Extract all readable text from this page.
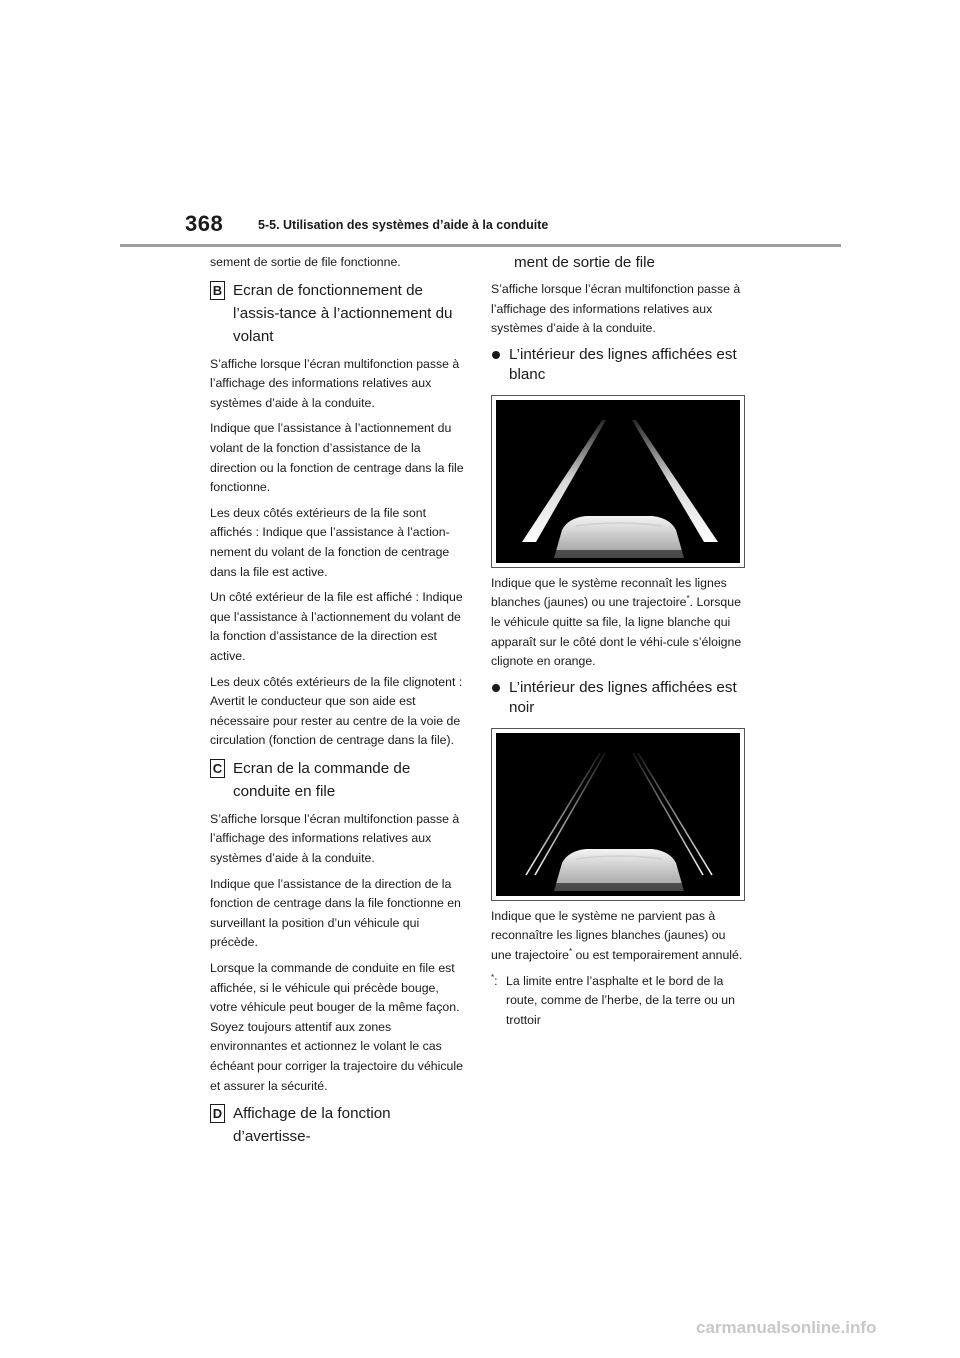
368	5-5. Utilisation des systèmes d’aide à la conduite

sement de sortie de file fonctionne.

B Ecran de fonctionnement de l’assis-tance à l’actionnement du volant

S’affiche lorsque l’écran multifonction passe à l’affichage des informations relatives aux systèmes d’aide à la conduite.

Indique que l’assistance à l’actionnement du volant de la fonction d’assistance de la direction ou la fonction de centrage dans la file fonctionne.

Les deux côtés extérieurs de la file sont affichés : Indique que l’assistance à l’action-nement du volant de la fonction de centrage dans la file est active.

Un côté extérieur de la file est affiché : Indique que l’assistance à l’actionnement du volant de la fonction d’assistance de la direction est active.

Les deux côtés extérieurs de la file clignotent : Avertit le conducteur que son aide est nécessaire pour rester au centre de la voie de circulation (fonction de centrage dans la file).

C Ecran de la commande de conduite en file

S’affiche lorsque l’écran multifonction passe à l’affichage des informations relatives aux systèmes d’aide à la conduite.

Indique que l’assistance de la direction de la fonction de centrage dans la file fonctionne en surveillant la position d’un véhicule qui précède.

Lorsque la commande de conduite en file est affichée, si le véhicule qui précède bouge, votre véhicule peut bouger de la même façon. Soyez toujours attentif aux zones environnantes et actionnez le volant le cas échéant pour corriger la trajectoire du véhicule et assurer la sécurité.

D Affichage de la fonction d’avertisse-
ment de sortie de file

S’affiche lorsque l’écran multifonction passe à l’affichage des informations relatives aux systèmes d’aide à la conduite.

L’intérieur des lignes affichées est blanc

Indique que le système reconnaît les lignes blanches (jaunes) ou une trajectoire*. Lorsque le véhicule quitte sa file, la ligne blanche qui apparaît sur le côté dont le véhi-cule s’éloigne clignote en orange.

L’intérieur des lignes affichées est noir

Indique que le système ne parvient pas à reconnaître les lignes blanches (jaunes) ou une trajectoire* ou est temporairement annulé.

*: La limite entre l’asphalte et le bord de la route, comme de l’herbe, de la terre ou un trottoir

carmanualsonline.info
